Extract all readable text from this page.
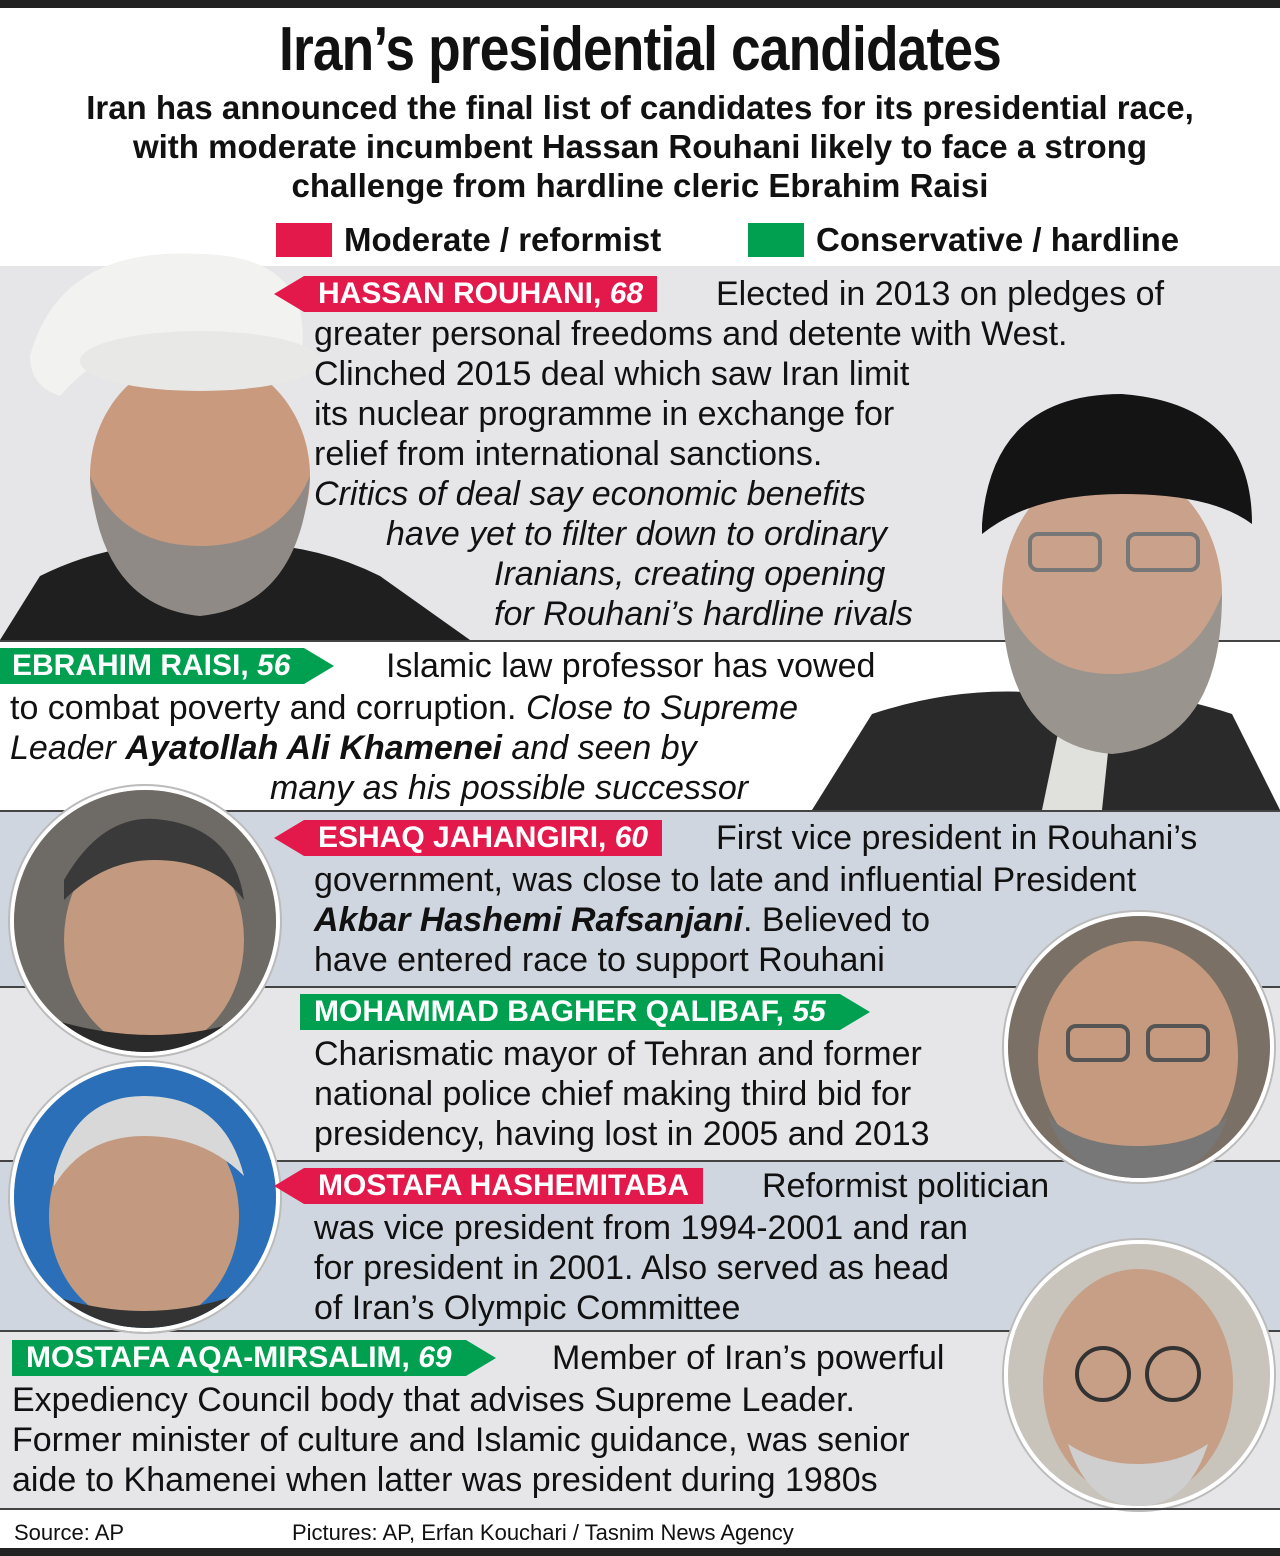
Iran’s presidential candidates
Iran has announced the final list of candidates for its presidential race,
with moderate incumbent Hassan Rouhani likely to face a strong
challenge from hardline cleric Ebrahim Raisi
Moderate / reformist	Conservative / hardline
HASSAN ROUHANI, 68	Elected in 2013 on pledges of
greater personal freedoms and detente with West.
Clinched 2015 deal which saw Iran limit
its nuclear programme in exchange for
relief from international sanctions.
Critics of deal say economic benefits
have yet to filter down to ordinary
Iranians, creating opening
for Rouhani’s hardline rivals
EBRAHIM RAISI, 56	Islamic law professor has vowed
to combat poverty and corruption. Close to Supreme
Leader Ayatollah Ali Khamenei and seen by
many as his possible successor
ESHAQ JAHANGIRI, 60	First vice president in Rouhani’s
government, was close to late and influential President
Akbar Hashemi Rafsanjani. Believed to
have entered race to support Rouhani
MOHAMMAD BAGHER QALIBAF, 55
Charismatic mayor of Tehran and former
national police chief making third bid for
presidency, having lost in 2005 and 2013
MOSTAFA HASHEMITABA	Reformist politician
was vice president from 1994-2001 and ran
for president in 2001. Also served as head
of Iran’s Olympic Committee
MOSTAFA AQA-MIRSALIM, 69	Member of Iran’s powerful
Expediency Council body that advises Supreme Leader.
Former minister of culture and Islamic guidance, was senior
aide to Khamenei when latter was president during 1980s
Source: AP	Pictures: AP, Erfan Kouchari / Tasnim News Agency
